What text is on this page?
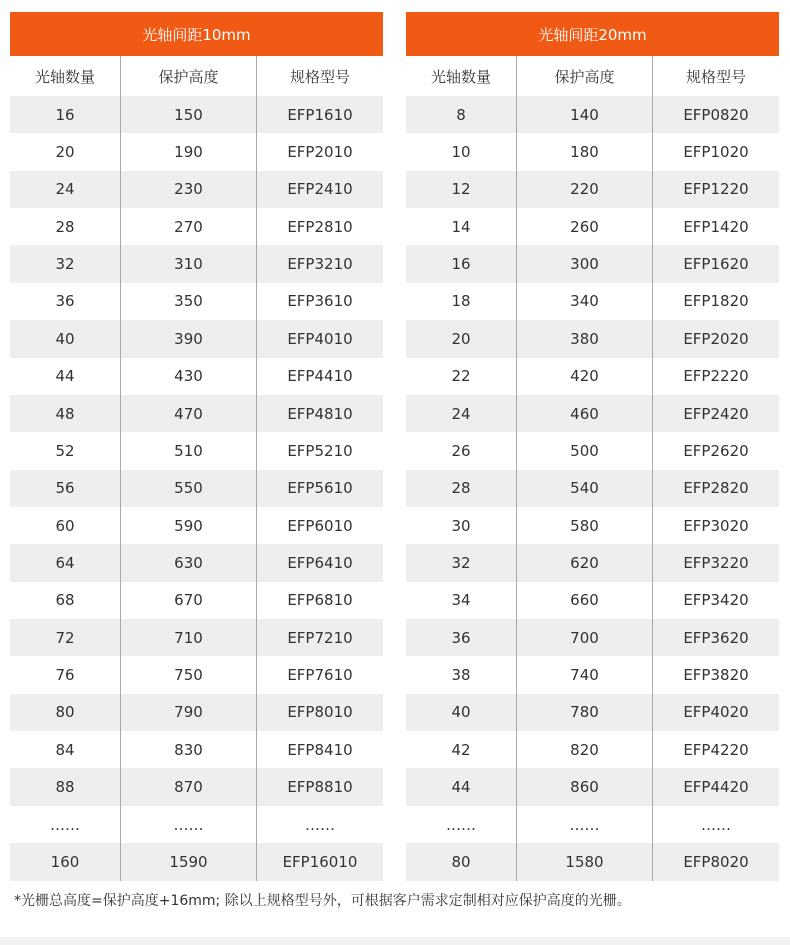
光轴间距10mm
光轴数量	保护高度	规格型号
16	150	EFP1610
20	190	EFP2010
24	230	EFP2410
28	270	EFP2810
32	310	EFP3210
36	350	EFP3610
40	390	EFP4010
44	430	EFP4410
48	470	EFP4810
52	510	EFP5210
56	550	EFP5610
60	590	EFP6010
64	630	EFP6410
68	670	EFP6810
72	710	EFP7210
76	750	EFP7610
80	790	EFP8010
84	830	EFP8410
88	870	EFP8810
……	……	……
160	1590	EFP16010
光轴间距20mm
光轴数量	保护高度	规格型号
8	140	EFP0820
10	180	EFP1020
12	220	EFP1220
14	260	EFP1420
16	300	EFP1620
18	340	EFP1820
20	380	EFP2020
22	420	EFP2220
24	460	EFP2420
26	500	EFP2620
28	540	EFP2820
30	580	EFP3020
32	620	EFP3220
34	660	EFP3420
36	700	EFP3620
38	740	EFP3820
40	780	EFP4020
42	820	EFP4220
44	860	EFP4420
……	……	……
80	1580	EFP8020
*光栅总高度=保护高度+16mm; 除以上规格型号外，可根据客户需求定制相对应保护高度的光栅。
